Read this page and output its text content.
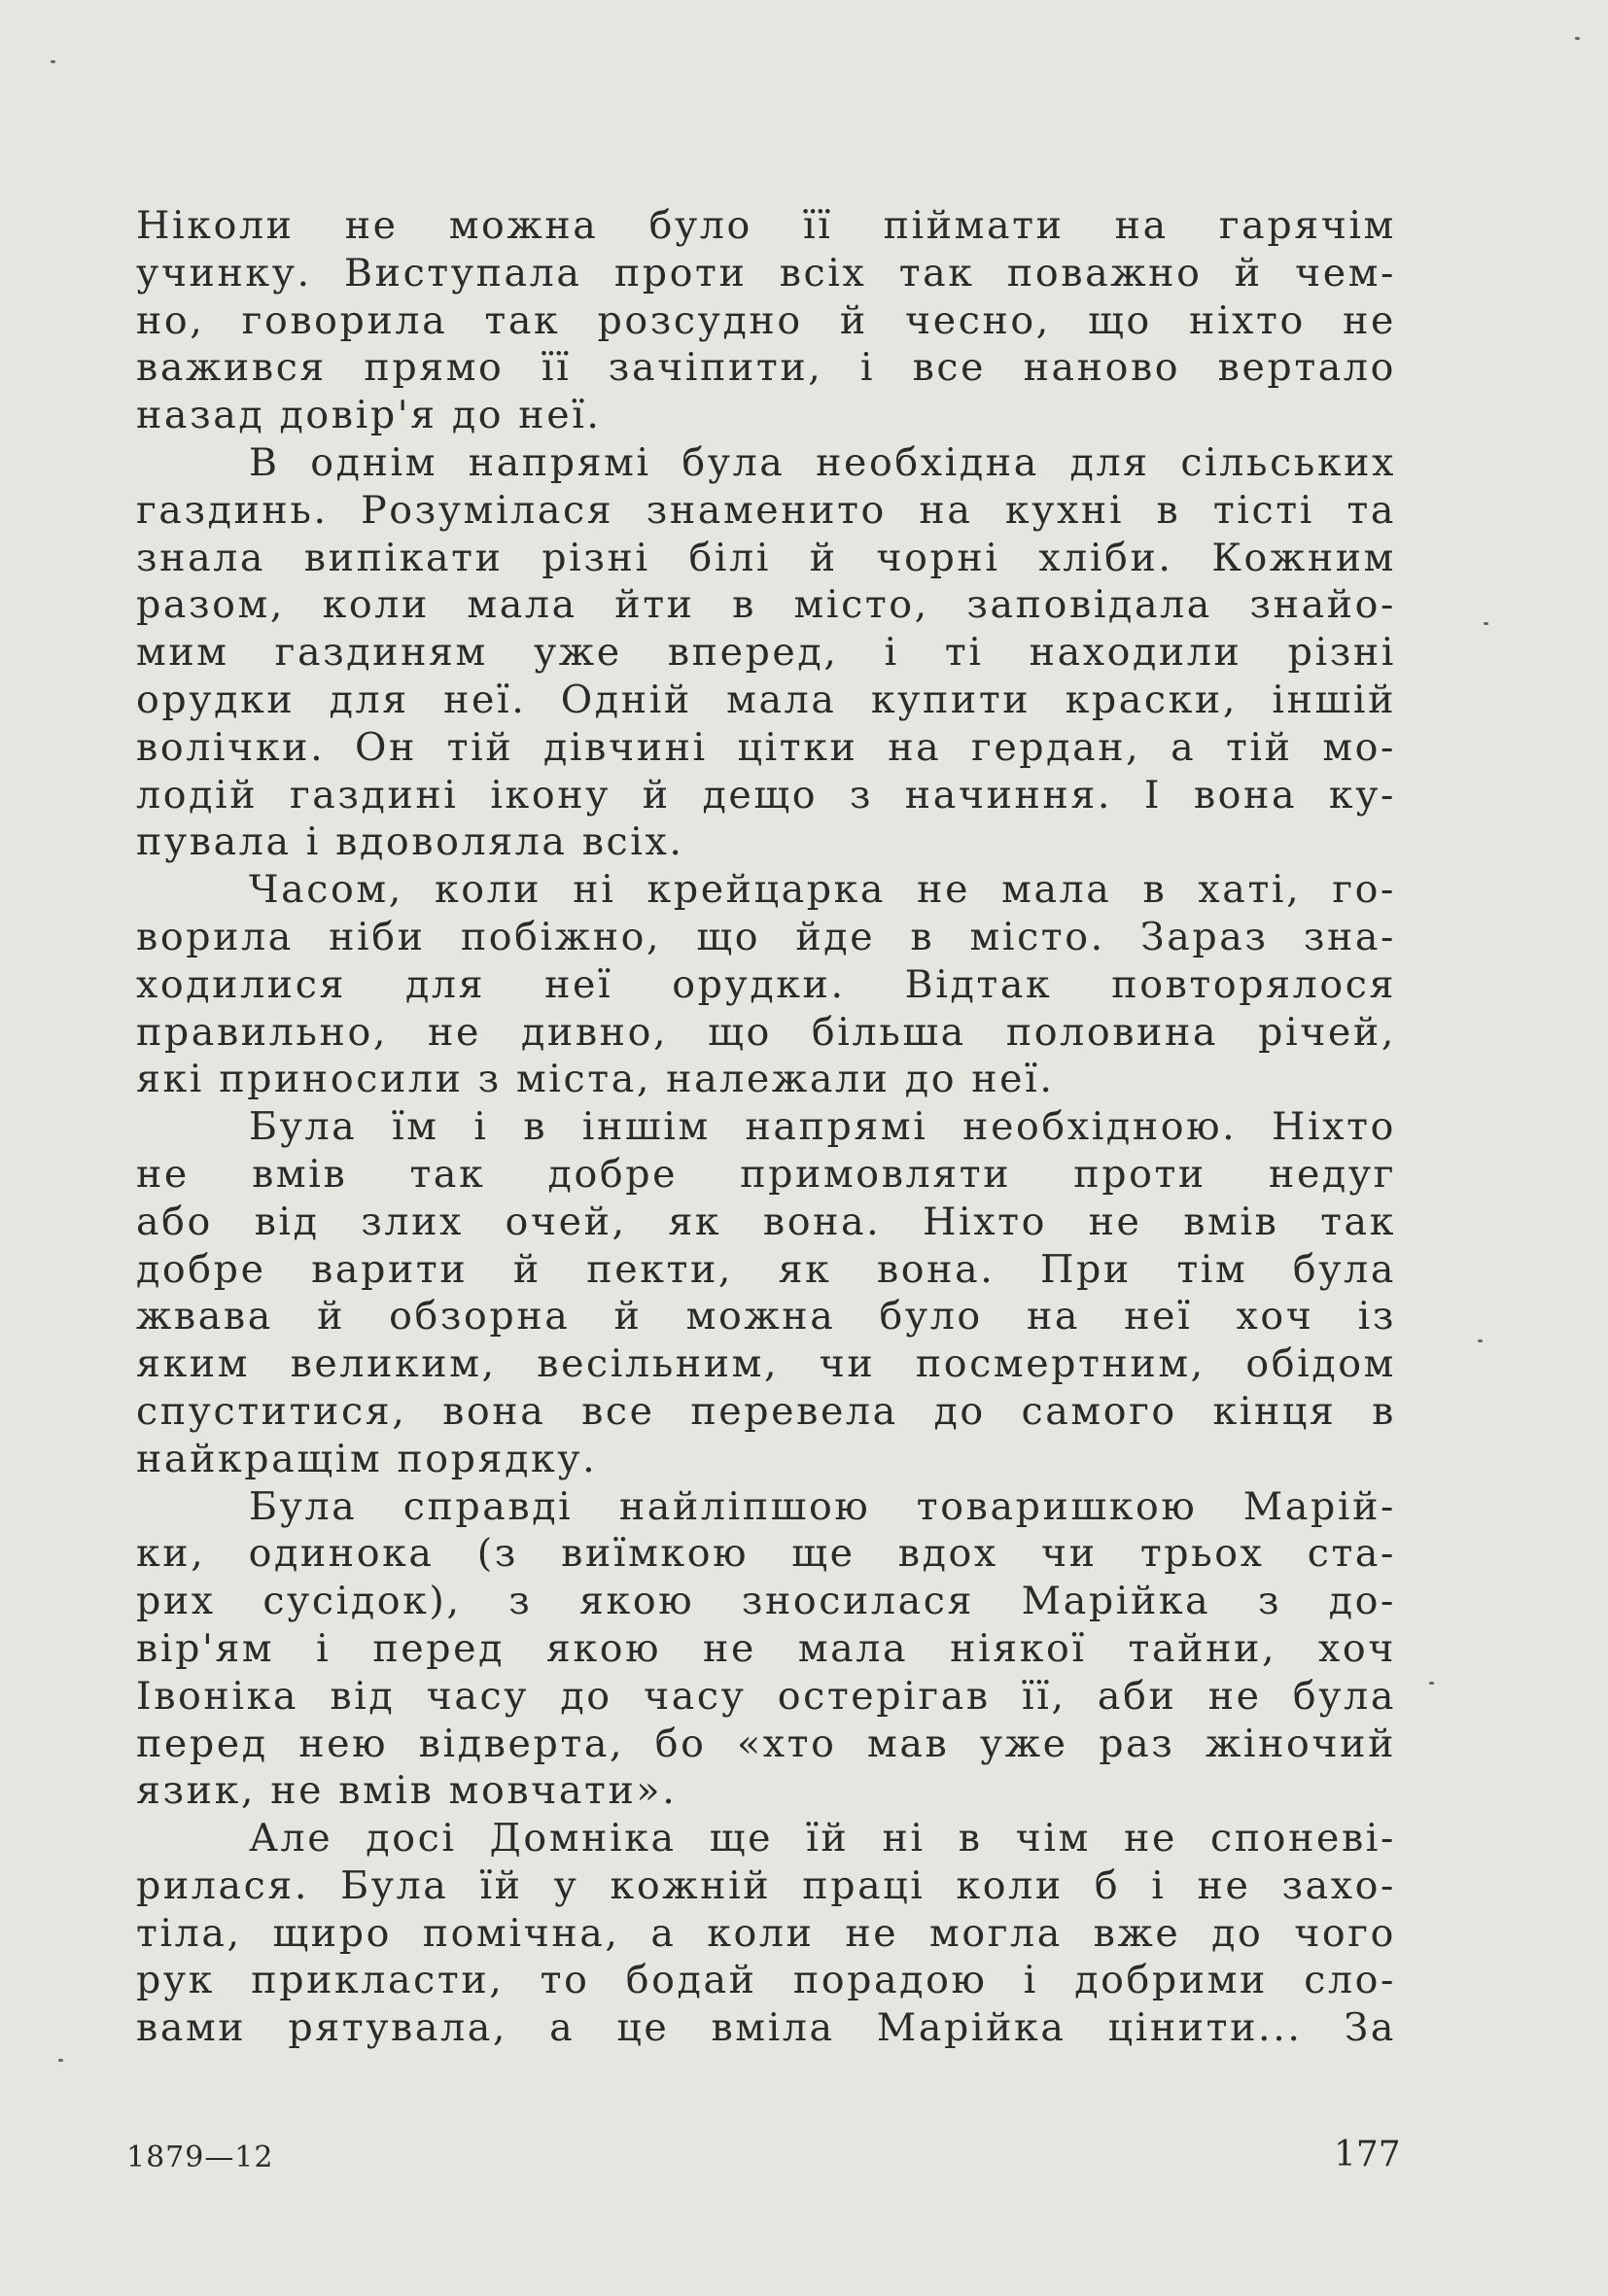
Ніколи не можна було її піймати на гарячім
учинку. Виступала проти всіх так поважно й чем-
но, говорила так розсудно й чесно, що ніхто не
важився прямо її зачіпити, і все наново вертало
назад довір'я до неї.
В однім напрямі була необхідна для сільських
газдинь. Розумілася знаменито на кухні в тісті та
знала випікати різні білі й чорні хліби. Кожним
разом, коли мала йти в місто, заповідала знайо-
мим газдиням уже вперед, і ті находили різні
орудки для неї. Одній мала купити краски, іншій
волічки. Он тій дівчині цітки на гердан, а тій мо-
лодій газдині ікону й дещо з начиння. І вона ку-
пувала і вдоволяла всіх.
Часом, коли ні крейцарка не мала в хаті, го-
ворила ніби побіжно, що йде в місто. Зараз зна-
ходилися для неї орудки. Відтак повторялося
правильно, не дивно, що більша половина річей,
які приносили з міста, належали до неї.
Була їм і в іншім напрямі необхідною. Ніхто
не вмів так добре примовляти проти недуг
або від злих очей, як вона. Ніхто не вмів так
добре варити й пекти, як вона. При тім була
жвава й обзорна й можна було на неї хоч із
яким великим, весільним, чи посмертним, обідом
спуститися, вона все перевела до самого кінця в
найкращім порядку.
Була справді найліпшою товаришкою Марій-
ки, одинока (з виїмкою ще вдох чи трьох ста-
рих сусідок), з якою зносилася Марійка з до-
вір'ям і перед якою не мала ніякої тайни, хоч
Івоніка від часу до часу остерігав її, аби не була
перед нею відверта, бо «хто мав уже раз жіночий
язик, не вмів мовчати».
Але досі Домніка ще їй ні в чім не споневі-
рилася. Була їй у кожній праці коли б і не захо-
тіла, щиро помічна, а коли не могла вже до чого
рук прикласти, то бодай порадою і добрими сло-
вами рятувала, а це вміла Марійка цінити... За
1879—12	177
